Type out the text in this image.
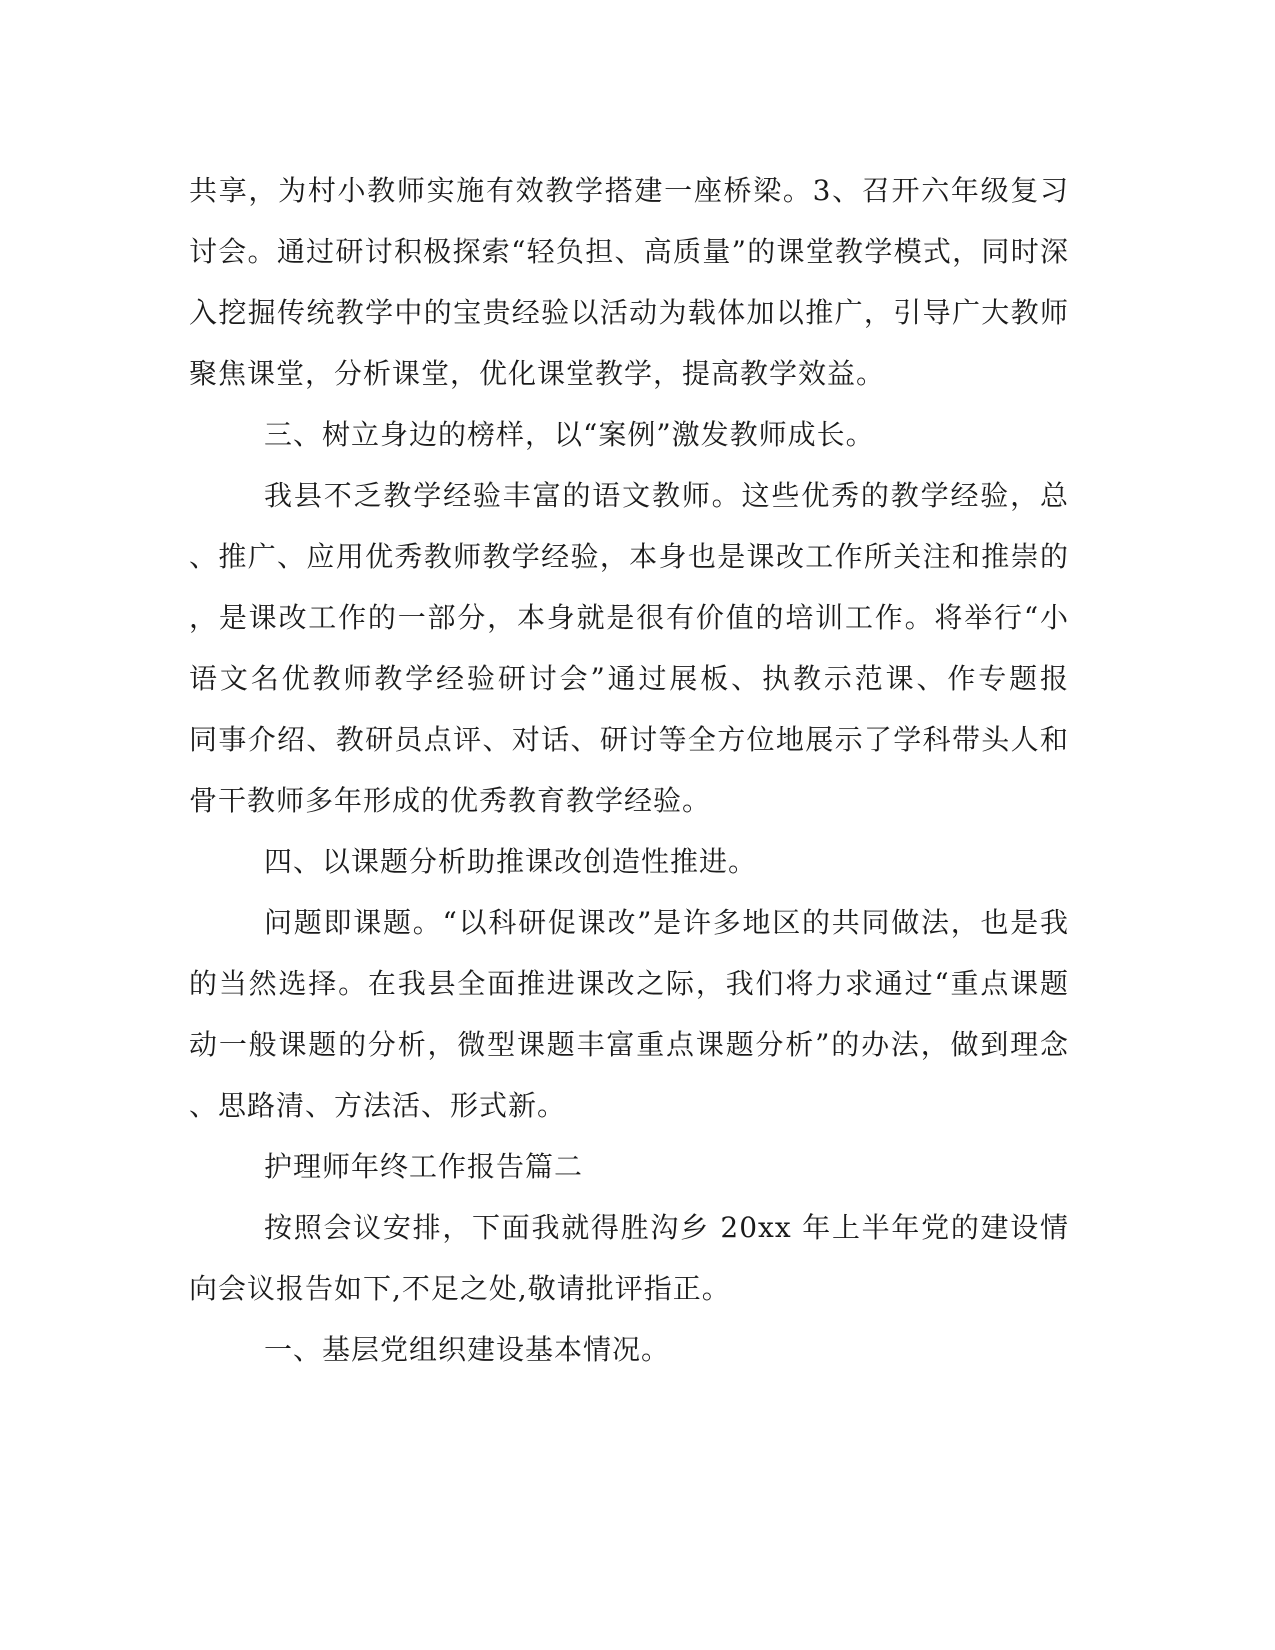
共享，为村小教师实施有效教学搭建一座桥梁。3、召开六年级复习
讨会。通过研讨积极探索“轻负担、高质量”的课堂教学模式，同时深
入挖掘传统教学中的宝贵经验以活动为载体加以推广，引导广大教师
聚焦课堂，分析课堂，优化课堂教学，提高教学效益。
三、树立身边的榜样，以“案例”激发教师成长。
我县不乏教学经验丰富的语文教师。这些优秀的教学经验，总
、推广、应用优秀教师教学经验，本身也是课改工作所关注和推崇的
，是课改工作的一部分，本身就是很有价值的培训工作。将举行“小
语文名优教师教学经验研讨会”通过展板、执教示范课、作专题报
同事介绍、教研员点评、对话、研讨等全方位地展示了学科带头人和
骨干教师多年形成的优秀教育教学经验。
四、以课题分析助推课改创造性推进。
问题即课题。“以科研促课改”是许多地区的共同做法，也是我
的当然选择。在我县全面推进课改之际，我们将力求通过“重点课题
动一般课题的分析，微型课题丰富重点课题分析”的办法，做到理念
、思路清、方法活、形式新。
护理师年终工作报告篇二
按照会议安排，下面我就得胜沟乡 20xx 年上半年党的建设情
向会议报告如下,不足之处,敬请批评指正。
一、基层党组织建设基本情况。
